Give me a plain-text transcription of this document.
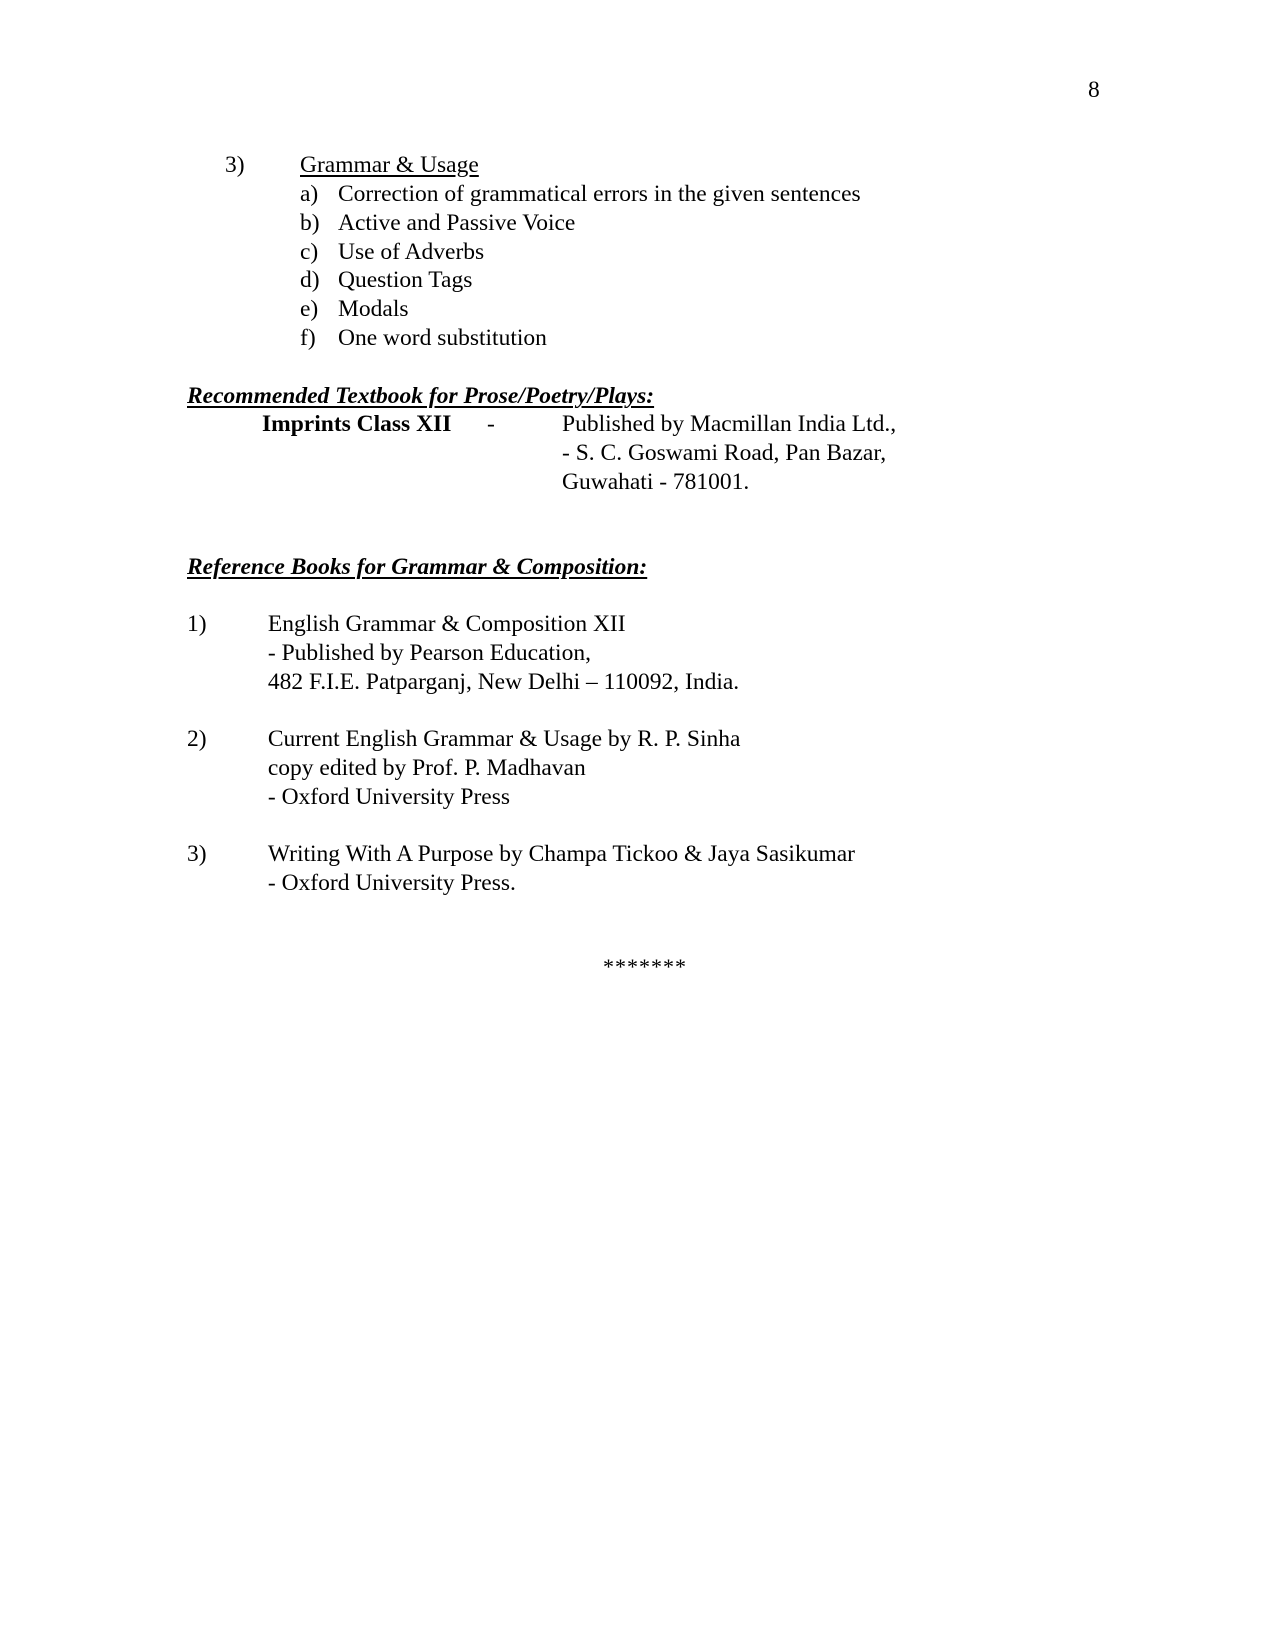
8
3) Grammar & Usage
a) Correction of grammatical errors in the given sentences
b) Active and Passive Voice
c) Use of Adverbs
d) Question Tags
e) Modals
f) One word substitution
Recommended Textbook for Prose/Poetry/Plays:
Imprints Class XII -	Published by Macmillan India Ltd.,
- S. C. Goswami Road, Pan Bazar,
Guwahati - 781001.
Reference Books for Grammar & Composition:
1)	English Grammar & Composition XII
- Published by Pearson Education,
482 F.I.E. Patparganj, New Delhi – 110092, India.
2)	Current English Grammar & Usage by R. P. Sinha
copy edited by Prof. P. Madhavan
- Oxford University Press
3)	Writing With A Purpose by Champa Tickoo & Jaya Sasikumar
- Oxford University Press.
*******
